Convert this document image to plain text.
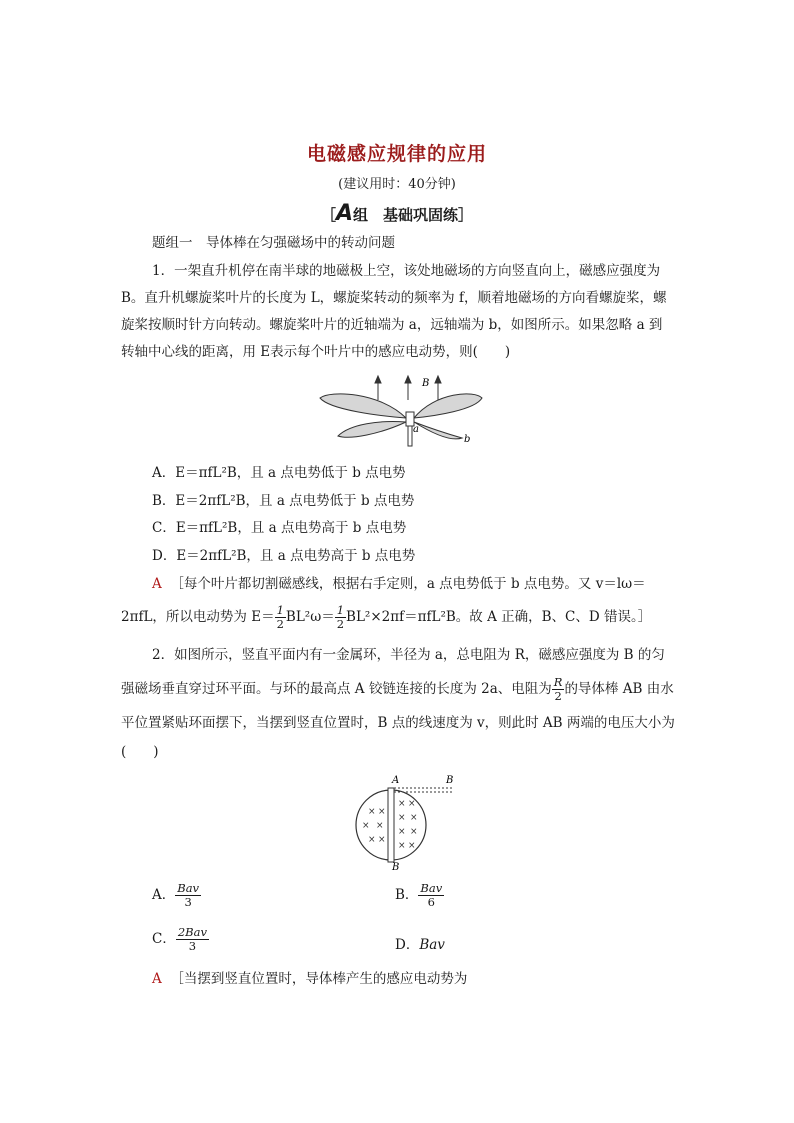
电磁感应规律的应用
(建议用时：40分钟)
［A组　基础巩固练］
题组一　导体棒在匀强磁场中的转动问题
1．一架直升机停在南半球的地磁极上空，该处地磁场的方向竖直向上，磁感应强度为
B。直升机螺旋桨叶片的长度为 L，螺旋桨转动的频率为 f，顺着地磁场的方向看螺旋桨，螺
旋桨按顺时针方向转动。螺旋桨叶片的近轴端为 a，远轴端为 b，如图所示。如果忽略 a 到
转轴中心线的距离，用 E表示每个叶片中的感应电动势，则(　　)
B
a
b
A．E＝πfL²B，且 a 点电势低于 b 点电势
B．E＝2πfL²B，且 a 点电势低于 b 点电势
C．E＝πfL²B，且 a 点电势高于 b 点电势
D．E＝2πfL²B，且 a 点电势高于 b 点电势
A ［每个叶片都切割磁感线，根据右手定则，a 点电势低于 b 点电势。又 v＝lω＝
2πfL，所以电动势为 $E= \frac{1}{2} BL^2\omega= \frac{1}{2} BL^2\times 2\pi f=\pi fL^2B$。故 A 正确，B、C、D 错误。］
2．如图所示，竖直平面内有一金属环，半径为 a，总电阻为 R，磁感应强度为 B 的匀
强磁场垂直穿过环平面。与环的最高点 A 铰链连接的长度为 2a、电阻为 $\frac{R}{2}$ 的导体棒 AB 由水
平位置紧贴环面摆下，当摆到竖直位置时，B 点的线速度为 v，则此时 AB 两端的电压大小为
(　　)
A	B
B
× ×
× ×
× ×
× ×
× ×
× ×
× ×
A． $\frac{\text{Bav}}{3}$	B． $\frac{\text{Bav}}{6}$
C． $\frac{\text{2Bav}}{3}$	D．Bav
A ［当摆到竖直位置时，导体棒产生的感应电动势为
